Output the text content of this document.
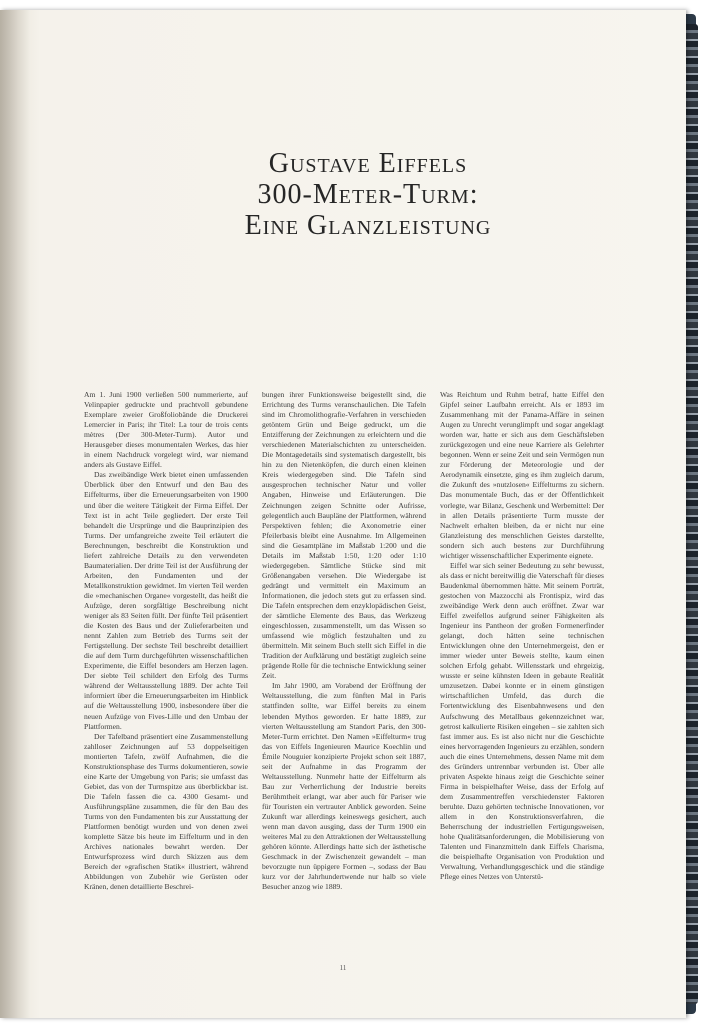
Gustave Eiffels
300-Meter-Turm:
Eine Glanzleistung

Am 1. Juni 1900 verließen 500 nummerierte, auf Velinpapier gedruckte und prachtvoll gebundene Exemplare zweier Großfoliobände die Druckerei Lemercier in Paris; ihr Titel: La tour de trois cents mètres (Der 300-Meter-Turm). Autor und Herausgeber dieses monumentalen Werkes, das hier in einem Nachdruck vorgelegt wird, war niemand anders als Gustave Eiffel.

Das zweibändige Werk bietet einen umfassenden Überblick über den Entwurf und den Bau des Eiffelturms, über die Erneuerungsarbeiten von 1900 und über die weitere Tätigkeit der Firma Eiffel. Der Text ist in acht Teile gegliedert. Der erste Teil behandelt die Ursprünge und die Bauprinzipien des Turms. Der umfangreiche zweite Teil erläutert die Berechnungen, beschreibt die Konstruktion und liefert zahlreiche Details zu den verwendeten Baumaterialien. Der dritte Teil ist der Ausführung der Arbeiten, den Fundamenten und der Metallkonstruktion gewidmet. Im vierten Teil werden die »mechanischen Organe« vorgestellt, das heißt die Aufzüge, deren sorgfältige Beschreibung nicht weniger als 83 Seiten füllt. Der fünfte Teil präsentiert die Kosten des Baus und der Zulieferarbeiten und nennt Zahlen zum Betrieb des Turms seit der Fertigstellung. Der sechste Teil beschreibt detailliert die auf dem Turm durchgeführten wissenschaftlichen Experimente, die Eiffel besonders am Herzen lagen. Der siebte Teil schildert den Erfolg des Turms während der Weltausstellung 1889. Der achte Teil informiert über die Erneuerungsarbeiten im Hinblick auf die Weltausstellung 1900, insbesondere über die neuen Aufzüge von Fives-Lille und den Umbau der Plattformen.

Der Tafelband präsentiert eine Zusammenstellung zahlloser Zeichnungen auf 53 doppelseitigen montierten Tafeln, zwölf Aufnahmen, die die Konstruktionsphase des Turms dokumentieren, sowie eine Karte der Umgebung von Paris; sie umfasst das Gebiet, das von der Turmspitze aus überblickbar ist. Die Tafeln fassen die ca. 4300 Gesamt- und Ausführungspläne zusammen, die für den Bau des Turms von den Fundamenten bis zur Ausstattung der Plattformen benötigt wurden und von denen zwei komplette Sätze bis heute im Eiffelturm und in den Archives nationales bewahrt werden. Der Entwurfsprozess wird durch Skizzen aus dem Bereich der »grafischen Statik« illustriert, während Abbildungen von Zubehör wie Gerüsten oder Kränen, denen detaillierte Beschrei-

bungen ihrer Funktionsweise beigestellt sind, die Errichtung des Turms veranschaulichen. Die Tafeln sind im Chromolithografie-Verfahren in verschieden getöntem Grün und Beige gedruckt, um die Entzifferung der Zeichnungen zu erleichtern und die verschiedenen Materialschichten zu unterscheiden. Die Montagedetails sind systematisch dargestellt, bis hin zu den Nietenköpfen, die durch einen kleinen Kreis wiedergegeben sind. Die Tafeln sind ausgesprochen technischer Natur und voller Angaben, Hinweise und Erläuterungen. Die Zeichnungen zeigen Schnitte oder Aufrisse, gelegentlich auch Baupläne der Plattformen, während Perspektiven fehlen; die Axonometrie einer Pfeilerbasis bleibt eine Ausnahme. Im Allgemeinen sind die Gesamtpläne im Maßstab 1:200 und die Details im Maßstab 1:50, 1:20 oder 1:10 wiedergegeben. Sämtliche Stücke sind mit Größenangaben versehen. Die Wiedergabe ist gedrängt und vermittelt ein Maximum an Informationen, die jedoch stets gut zu erfassen sind. Die Tafeln entsprechen dem enzyklopädischen Geist, der sämtliche Elemente des Baus, das Werkzeug eingeschlossen, zusammenstellt, um das Wissen so umfassend wie möglich festzuhalten und zu übermitteln. Mit seinem Buch stellt sich Eiffel in die Tradition der Aufklärung und bestätigt zugleich seine prägende Rolle für die technische Entwicklung seiner Zeit.

Im Jahr 1900, am Vorabend der Eröffnung der Weltausstellung, die zum fünften Mal in Paris stattfinden sollte, war Eiffel bereits zu einem lebenden Mythos geworden. Er hatte 1889, zur vierten Weltausstellung am Standort Paris, den 300-Meter-Turm errichtet. Den Namen »Eiffelturm« trug das von Eiffels Ingenieuren Maurice Koechlin und Émile Nouguier konzipierte Projekt schon seit 1887, seit der Aufnahme in das Programm der Weltausstellung. Nunmehr hatte der Eiffelturm als Bau zur Verherrlichung der Industrie bereits Berühmtheit erlangt, war aber auch für Pariser wie für Touristen ein vertrauter Anblick geworden. Seine Zukunft war allerdings keineswegs gesichert, auch wenn man davon ausging, dass der Turm 1900 ein weiteres Mal zu den Attraktionen der Weltausstellung gehören könnte. Allerdings hatte sich der ästhetische Geschmack in der Zwischenzeit gewandelt – man bevorzugte nun üppigere Formen –, sodass der Bau kurz vor der Jahrhundertwende nur halb so viele Besucher anzog wie 1889.

Was Reichtum und Ruhm betraf, hatte Eiffel den Gipfel seiner Laufbahn erreicht. Als er 1893 im Zusammenhang mit der Panama-Affäre in seinen Augen zu Unrecht verunglimpft und sogar angeklagt worden war, hatte er sich aus dem Geschäftsleben zurückgezogen und eine neue Karriere als Gelehrter begonnen. Wenn er seine Zeit und sein Vermögen nun zur Förderung der Meteorologie und der Aerodynamik einsetzte, ging es ihm zugleich darum, die Zukunft des »nutzlosen« Eiffelturms zu sichern. Das monumentale Buch, das er der Öffentlichkeit vorlegte, war Bilanz, Geschenk und Werbemittel: Der in allen Details präsentierte Turm musste der Nachwelt erhalten bleiben, da er nicht nur eine Glanzleistung des menschlichen Geistes darstellte, sondern sich auch bestens zur Durchführung wichtiger wissenschaftlicher Experimente eignete.

Eiffel war sich seiner Bedeutung zu sehr bewusst, als dass er nicht bereitwillig die Vaterschaft für dieses Baudenkmal übernommen hätte. Mit seinem Porträt, gestochen von Mazzocchi als Frontispiz, wird das zweibändige Werk denn auch eröffnet. Zwar war Eiffel zweifellos aufgrund seiner Fähigkeiten als Ingenieur ins Pantheon der großen Formenerfinder gelangt, doch hätten seine technischen Entwicklungen ohne den Unternehmergeist, den er immer wieder unter Beweis stellte, kaum einen solchen Erfolg gehabt. Willensstark und ehrgeizig, wusste er seine kühnsten Ideen in gebaute Realität umzusetzen. Dabei konnte er in einem günstigen wirtschaftlichen Umfeld, das durch die Fortentwicklung des Eisenbahnwesens und den Aufschwung des Metallbaus gekennzeichnet war, getrost kalkulierte Risiken eingehen – sie zahlten sich fast immer aus. Es ist also nicht nur die Geschichte eines hervorragenden Ingenieurs zu erzählen, sondern auch die eines Unternehmens, dessen Name mit dem des Gründers untrennbar verbunden ist. Über alle privaten Aspekte hinaus zeigt die Geschichte seiner Firma in beispielhafter Weise, dass der Erfolg auf dem Zusammentreffen verschiedenster Faktoren beruhte. Dazu gehörten technische Innovationen, vor allem in den Konstruktionsverfahren, die Beherrschung der industriellen Fertigungsweisen, hohe Qualitätsanforderungen, die Mobilisierung von Talenten und Finanzmitteln dank Eiffels Charisma, die beispielhafte Organisation von Produktion und Verwaltung, Verhandlungsgeschick und die ständige Pflege eines Netzes von Unterstü-

11
